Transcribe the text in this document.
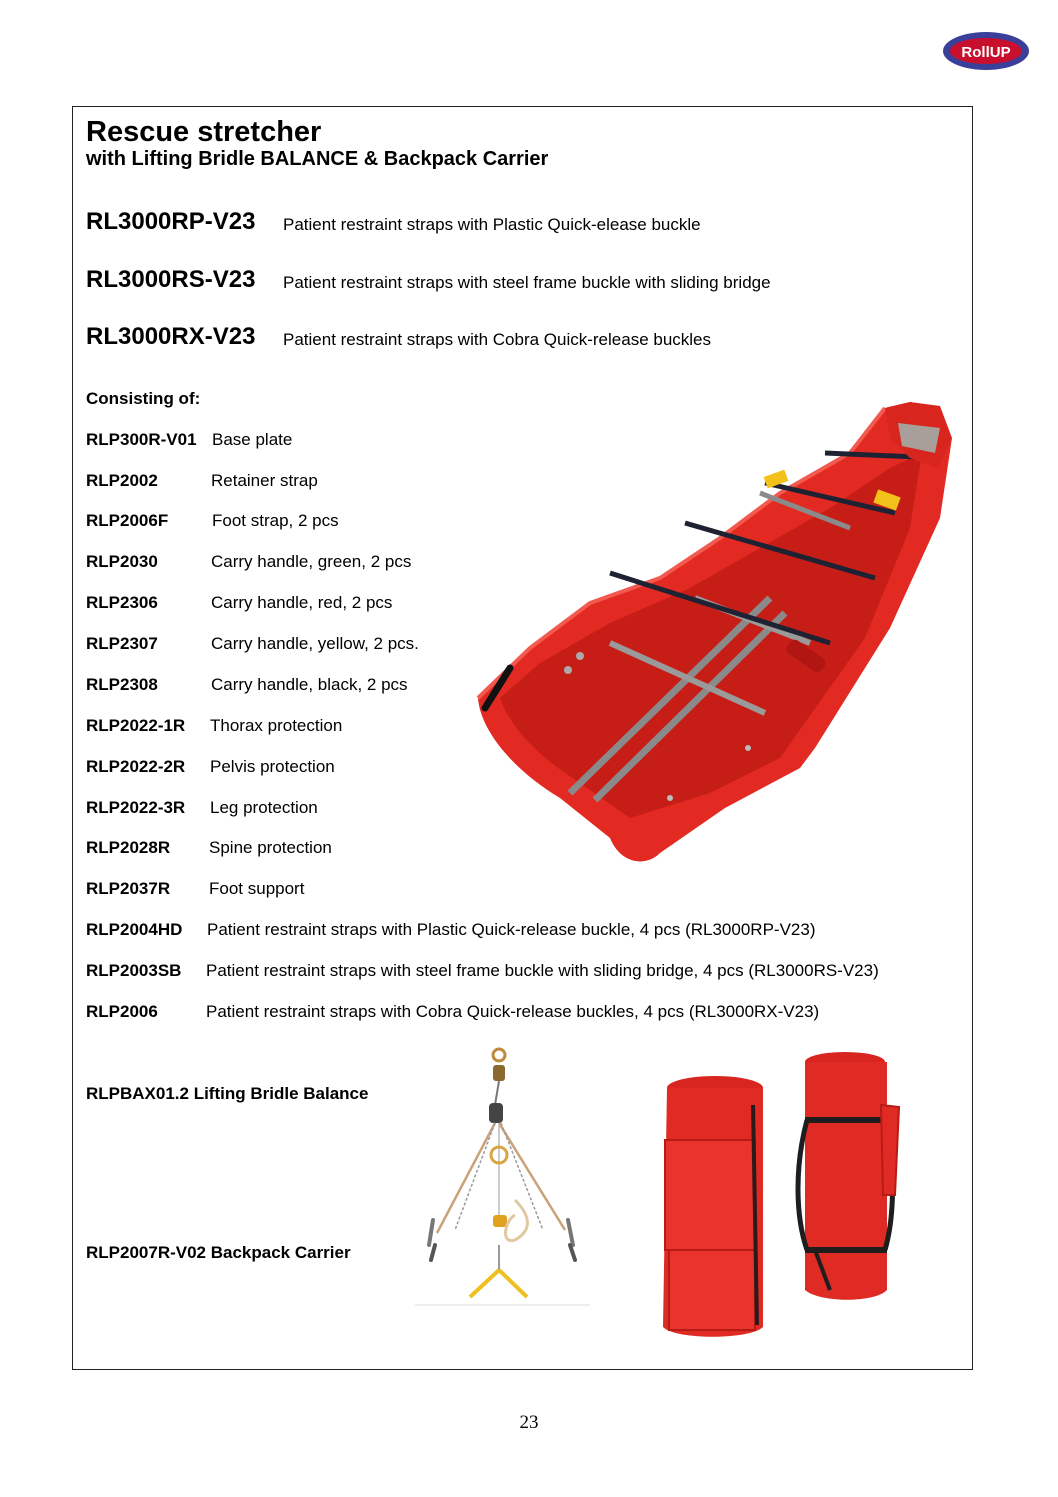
RollUP
Rescue stretcher
with Lifting Bridle BALANCE & Backpack Carrier
RL3000RP-V23 Patient restraint straps with Plastic Quick-elease buckle
RL3000RS-V23 Patient restraint straps with steel frame buckle with sliding bridge
RL3000RX-V23 Patient restraint straps with Cobra Quick-release buckles
Consisting of:
RLP300R-V01 Base plate
RLP2002	Retainer strap
RLP2006F	Foot strap, 2 pcs
RLP2030	Carry handle, green, 2 pcs
RLP2306	Carry handle, red, 2 pcs
RLP2307	Carry handle, yellow, 2 pcs.
RLP2308	Carry handle, black, 2 pcs
RLP2022-1R Thorax protection
RLP2022-2R Pelvis protection
RLP2022-3R Leg protection
RLP2028R Spine protection
RLP2037R Foot support
RLP2004HD Patient restraint straps with Plastic Quick-release buckle, 4 pcs (RL3000RP-V23)
RLP2003SB Patient restraint straps with steel frame buckle with sliding bridge, 4 pcs (RL3000RS-V23)
RLP2006	Patient restraint straps with Cobra Quick-release buckles, 4 pcs (RL3000RX-V23)
RLPBAX01.2 Lifting Bridle Balance
RLP2007R-V02 Backpack Carrier
23
